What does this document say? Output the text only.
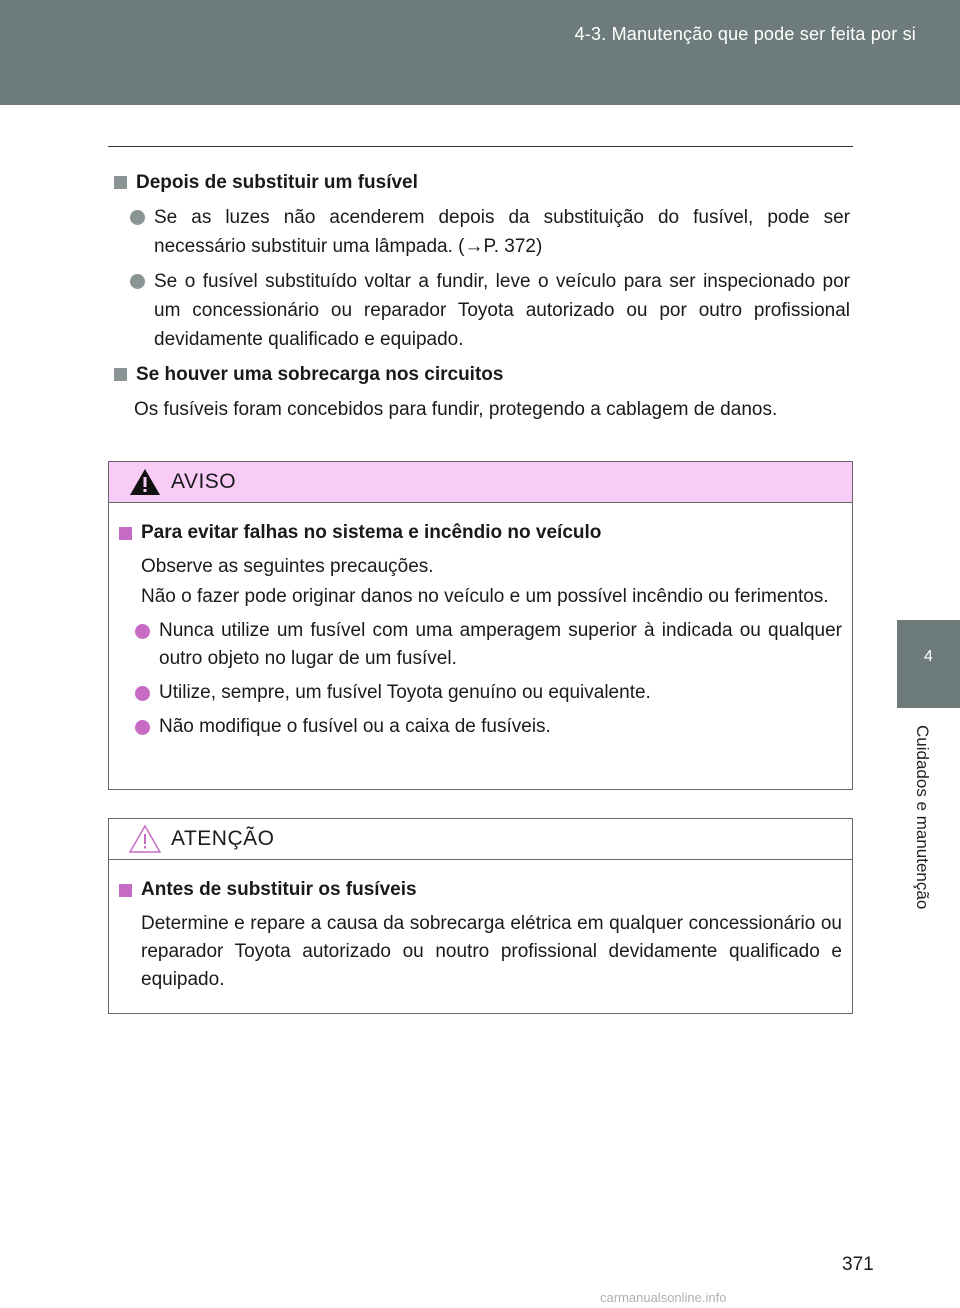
4-3. Manutenção que pode ser feita por si
4
Cuidados e manutenção
Depois de substituir um fusível
Se as luzes não acenderem depois da substituição do fusível, pode ser necessário substituir uma lâmpada. (→P. 372)
Se o fusível substituído voltar a fundir, leve o veículo para ser inspecionado por um concessionário ou reparador Toyota autorizado ou por outro profissional devidamente qualificado e equipado.
Se houver uma sobrecarga nos circuitos
Os fusíveis foram concebidos para fundir, protegendo a cablagem de danos.
AVISO
Para evitar falhas no sistema e incêndio no veículo
Observe as seguintes precauções.
Não o fazer pode originar danos no veículo e um possível incêndio ou ferimentos.
Nunca utilize um fusível com uma amperagem superior à indicada ou qualquer outro objeto no lugar de um fusível.
Utilize, sempre, um fusível Toyota genuíno ou equivalente.
Não modifique o fusível ou a caixa de fusíveis.
ATENÇÃO
Antes de substituir os fusíveis
Determine e repare a causa da sobrecarga elétrica em qualquer concessionário ou reparador Toyota autorizado ou noutro profissional devidamente qualificado e equipado.
371
carmanualsonline.info
